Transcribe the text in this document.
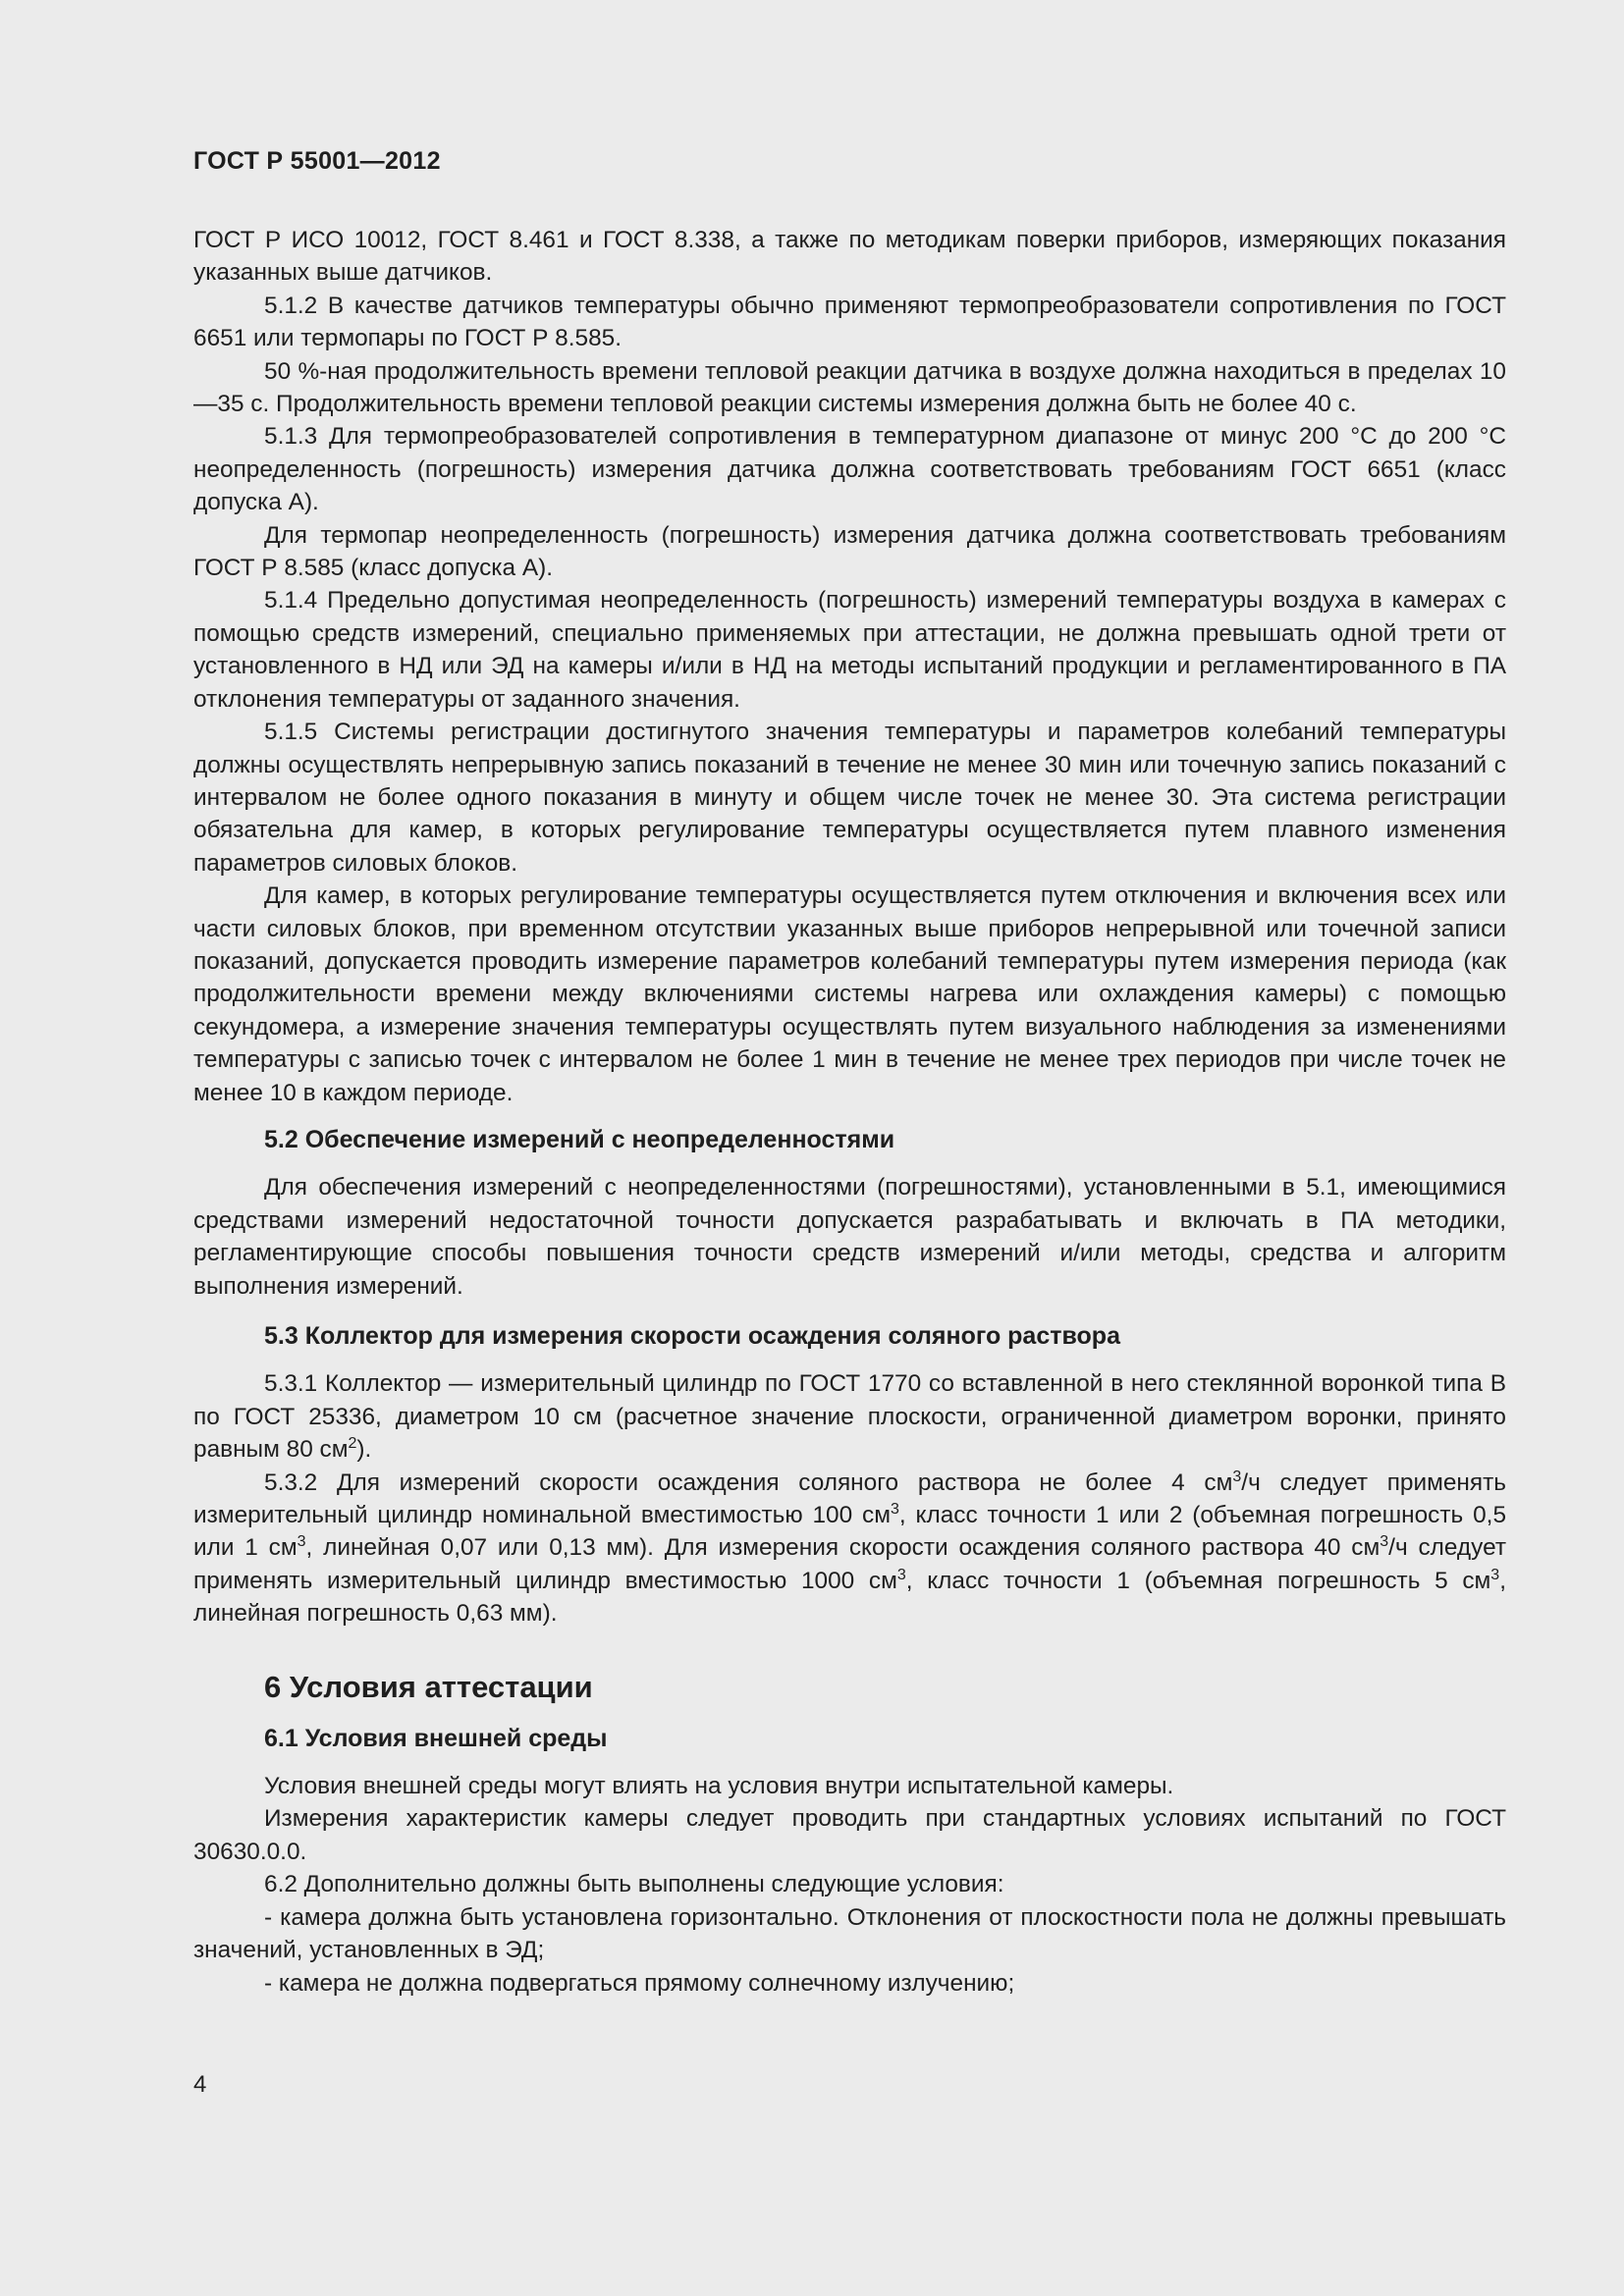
ГОСТ Р 55001—2012

ГОСТ Р ИСО 10012, ГОСТ 8.461 и ГОСТ 8.338, а также по методикам поверки приборов, измеряющих показания указанных выше датчиков.

5.1.2 В качестве датчиков температуры обычно применяют термопреобразователи сопротивления по ГОСТ 6651 или термопары по ГОСТ Р 8.585.

50 %-ная продолжительность времени тепловой реакции датчика в воздухе должна находиться в пределах 10—35 с. Продолжительность времени тепловой реакции системы измерения должна быть не более 40 с.

5.1.3 Для термопреобразователей сопротивления в температурном диапазоне от минус 200 °С до 200 °С неопределенность (погрешность) измерения датчика должна соответствовать требованиям ГОСТ 6651 (класс допуска А).

Для термопар неопределенность (погрешность) измерения датчика должна соответствовать требованиям ГОСТ Р 8.585 (класс допуска А).

5.1.4 Предельно допустимая неопределенность (погрешность) измерений температуры воздуха в камерах с помощью средств измерений, специально применяемых при аттестации, не должна превышать одной трети от установленного в НД или ЭД на камеры и/или в НД на методы испытаний продукции и регламентированного в ПА отклонения температуры от заданного значения.

5.1.5 Системы регистрации достигнутого значения температуры и параметров колебаний температуры должны осуществлять непрерывную запись показаний в течение не менее 30 мин или точечную запись показаний с интервалом не более одного показания в минуту и общем числе точек не менее 30. Эта система регистрации обязательна для камер, в которых регулирование температуры осуществляется путем плавного изменения параметров силовых блоков.

Для камер, в которых регулирование температуры осуществляется путем отключения и включения всех или части силовых блоков, при временном отсутствии указанных выше приборов непрерывной или точечной записи показаний, допускается проводить измерение параметров колебаний температуры путем измерения периода (как продолжительности времени между включениями системы нагрева или охлаждения камеры) с помощью секундомера, а измерение значения температуры осуществлять путем визуального наблюдения за изменениями температуры с записью точек с интервалом не более 1 мин в течение не менее трех периодов при числе точек не менее 10 в каждом периоде.

5.2 Обеспечение измерений с неопределенностями

Для обеспечения измерений с неопределенностями (погрешностями), установленными в 5.1, имеющимися средствами измерений недостаточной точности допускается разрабатывать и включать в ПА методики, регламентирующие способы повышения точности средств измерений и/или методы, средства и алгоритм выполнения измерений.

5.3 Коллектор для измерения скорости осаждения соляного раствора

5.3.1 Коллектор — измерительный цилиндр по ГОСТ 1770 со вставленной в него стеклянной воронкой типа В по ГОСТ 25336, диаметром 10 см (расчетное значение плоскости, ограниченной диаметром воронки, принято равным 80 $см^2$).

5.3.2 Для измерений скорости осаждения соляного раствора не более 4 $см^3/ч$ следует применять измерительный цилиндр номинальной вместимостью 100 $см^3$, класс точности 1 или 2 (объемная погрешность 0,5 или 1 $см^3$, линейная 0,07 или 0,13 мм). Для измерения скорости осаждения соляного раствора 40 $см^3/ч$ следует применять измерительный цилиндр вместимостью 1000 $см^3$, класс точности 1 (объемная погрешность 5 $см^3$, линейная погрешность 0,63 мм).

6 Условия аттестации
6.1 Условия внешней среды

Условия внешней среды могут влиять на условия внутри испытательной камеры.

Измерения характеристик камеры следует проводить при стандартных условиях испытаний по ГОСТ 30630.0.0.

6.2 Дополнительно должны быть выполнены следующие условия:

- камера должна быть установлена горизонтально. Отклонения от плоскостности пола не должны превышать значений, установленных в ЭД;

- камера не должна подвергаться прямому солнечному излучению;

4
